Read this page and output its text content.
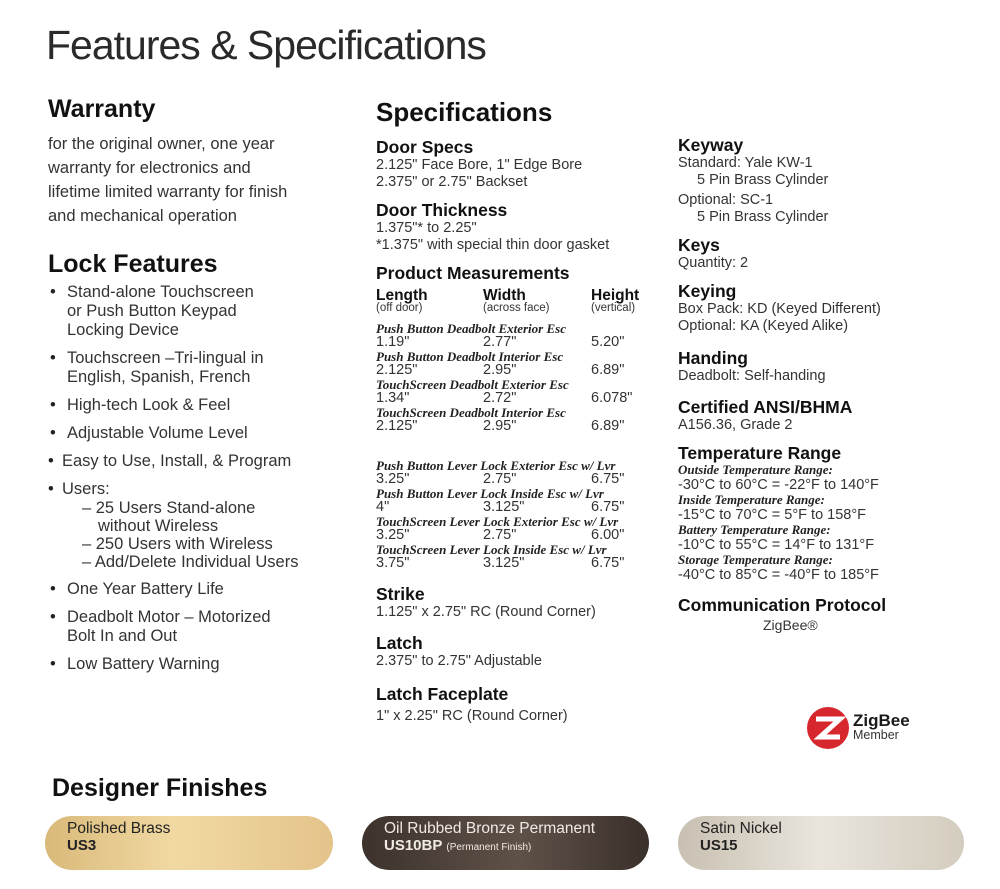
Features & Specifications
Warranty
for the original owner, one year
warranty for electronics and
lifetime limited warranty for finish
and mechanical operation
Lock Features
• Stand-alone Touchscreen
or Push Button Keypad
Locking Device
• Touchscreen –Tri-lingual in
English, Spanish, French
• High-tech Look & Feel
• Adjustable Volume Level
• Easy to Use, Install, & Program
• Users:
– 25 Users Stand-alone
without Wireless
– 250 Users with Wireless
– Add/Delete Individual Users
• One Year Battery Life
• Deadbolt Motor – Motorized
Bolt In and Out
• Low Battery Warning
Specifications
Door Specs
2.125" Face Bore, 1" Edge Bore
2.375" or 2.75" Backset
Door Thickness
1.375"* to 2.25"
*1.375" with special thin door gasket
Product Measurements
Length
(off door)
Width
(across face)
Height
(vertical)
Push Button Deadbolt Exterior Esc
1.19"	2.77"	5.20"
Push Button Deadbolt Interior Esc
2.125"	2.95"	6.89"
TouchScreen Deadbolt Exterior Esc
1.34"	2.72"	6.078"
TouchScreen Deadbolt Interior Esc
2.125"	2.95"	6.89"
Push Button Lever Lock Exterior Esc w/ Lvr
3.25"	2.75"	6.75"
Push Button Lever Lock Inside Esc w/ Lvr
4"	3.125"	6.75"
TouchScreen Lever Lock Exterior Esc w/ Lvr
3.25"	2.75"	6.00"
TouchScreen Lever Lock Inside Esc w/ Lvr
3.75"	3.125"	6.75"
Strike
1.125" x 2.75" RC (Round Corner)
Latch
2.375" to 2.75" Adjustable
Latch Faceplate
1" x 2.25" RC (Round Corner)
Keyway
Standard: Yale KW-1
5 Pin Brass Cylinder
Optional: SC-1
5 Pin Brass Cylinder
Keys
Quantity: 2
Keying
Box Pack: KD (Keyed Different)
Optional: KA (Keyed Alike)
Handing
Deadbolt: Self-handing
Certified ANSI/BHMA
A156.36, Grade 2
Temperature Range
Outside Temperature Range:
-30°C to 60°C = -22°F to 140°F
Inside Temperature Range:
-15°C to 70°C = 5°F to 158°F
Battery Temperature Range:
-10°C to 55°C = 14°F to 131°F
Storage Temperature Range:
-40°C to 85°C = -40°F to 185°F
Communication Protocol
ZigBee®
ZigBee
Member
Designer Finishes
Polished Brass
US3
Oil Rubbed Bronze Permanent
US10BP (Permanent Finish)
Satin Nickel
US15
